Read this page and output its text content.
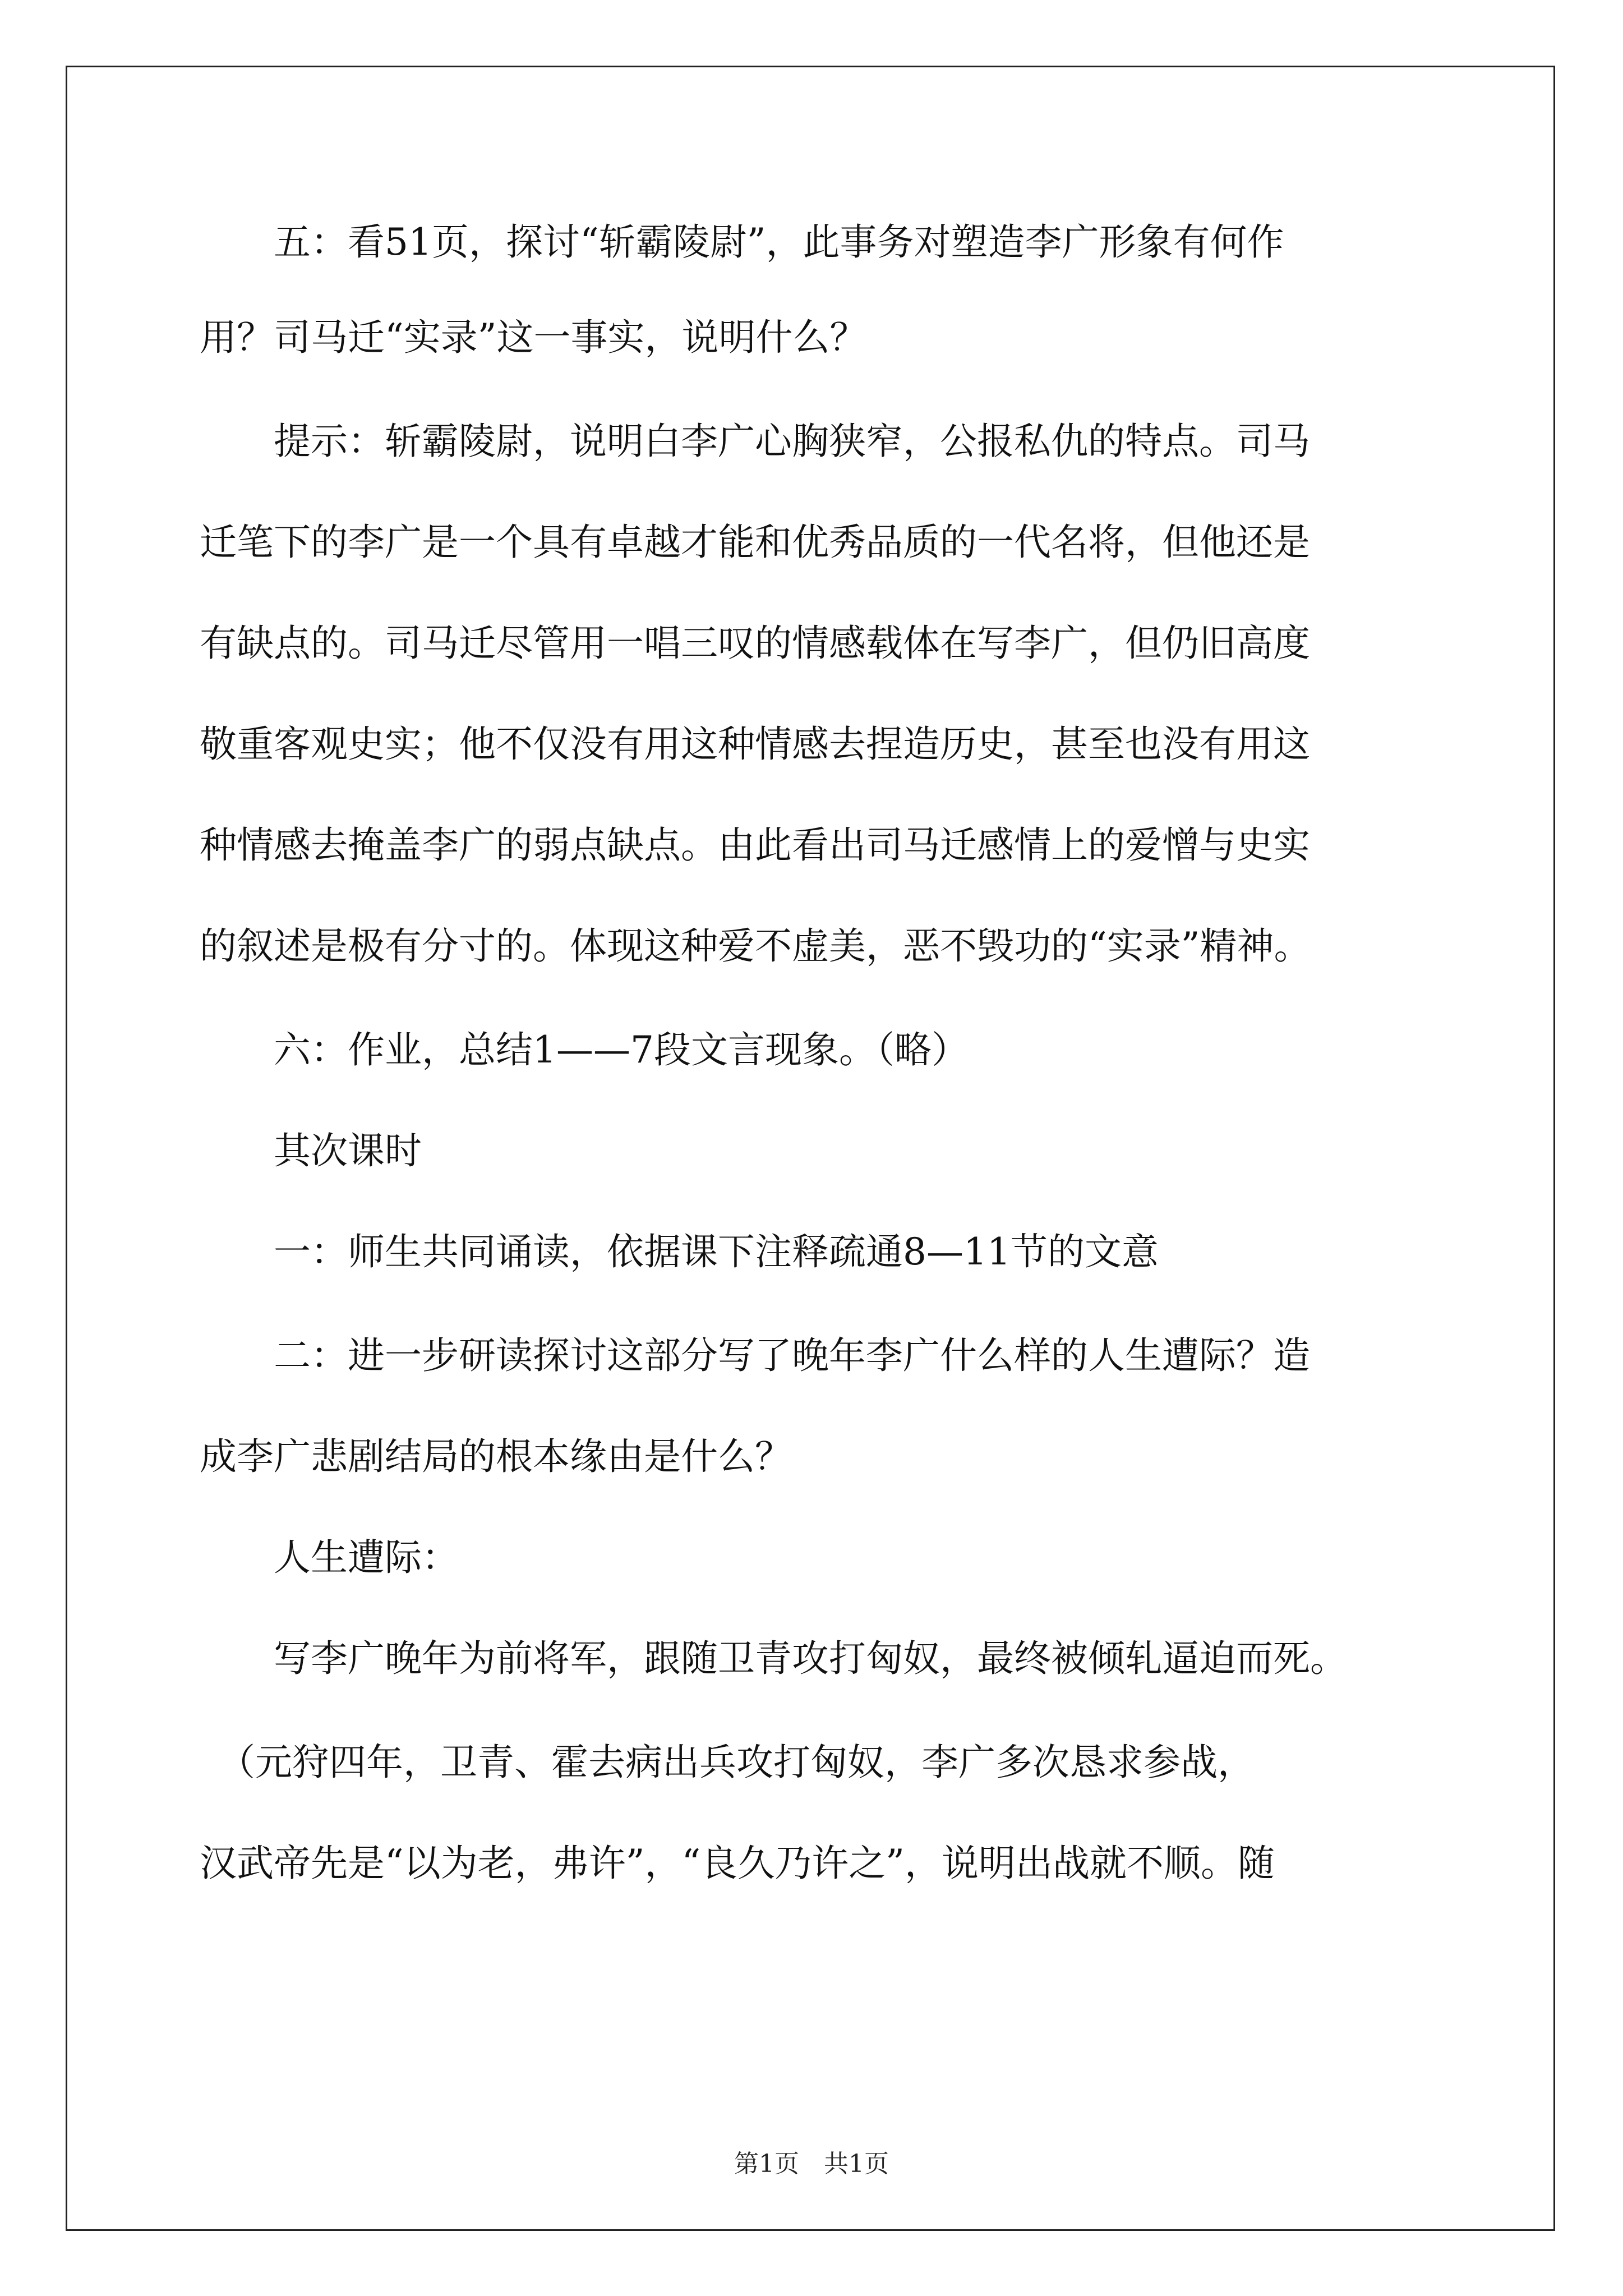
　　五：看51页，探讨“斩霸陵尉”，此事务对塑造李广形象有何作
用？司马迁“实录”这一事实，说明什么？
　　提示：斩霸陵尉，说明白李广心胸狭窄，公报私仇的特点。司马
迁笔下的李广是一个具有卓越才能和优秀品质的一代名将，但他还是
有缺点的。司马迁尽管用一唱三叹的情感载体在写李广，但仍旧高度
敬重客观史实；他不仅没有用这种情感去捏造历史，甚至也没有用这
种情感去掩盖李广的弱点缺点。由此看出司马迁感情上的爱憎与史实
的叙述是极有分寸的。体现这种爱不虚美，恶不毁功的“实录”精神。
　　六：作业，总结1——7段文言现象。（略）
　　其次课时
　　一：师生共同诵读，依据课下注释疏通8—11节的文意
　　二：进一步研读探讨这部分写了晚年李广什么样的人生遭际？造
成李广悲剧结局的根本缘由是什么？
　　人生遭际：
　　写李广晚年为前将军，跟随卫青攻打匈奴，最终被倾轧逼迫而死。
　（元狩四年，卫青、霍去病出兵攻打匈奴，李广多次恳求参战，
汉武帝先是“以为老，弗许”，“良久乃许之”，说明出战就不顺。随
第1页　共1页
